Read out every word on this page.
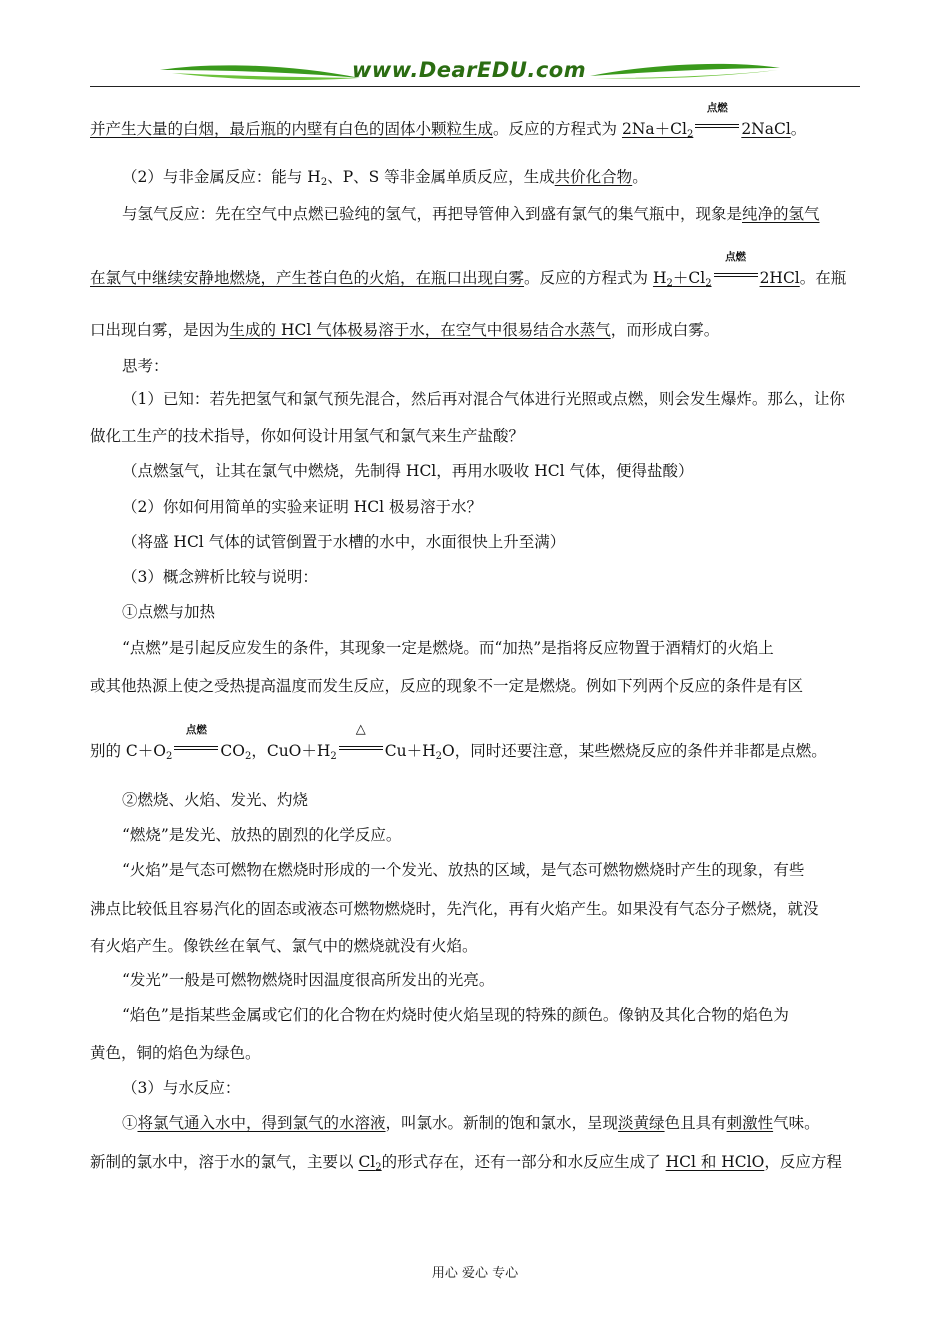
www.DearEDU.com
并产生大量的白烟，最后瓶的内壁有白色的固体小颗粒生成。反应的方程式为 $2Na+Cl_2$
点燃
2NaCl。
（2）与非金属反应：能与 $H_2$、P、S 等非金属单质反应，生成共价化合物。
与氢气反应：先在空气中点燃已验纯的氢气，再把导管伸入到盛有氯气的集气瓶中，现象是纯净的氢气
在氯气中继续安静地燃烧，产生苍白色的火焰，在瓶口出现白雾。反应的方程式为 $H_2+Cl_2$
点燃
2HCl。在瓶
口出现白雾，是因为生成的 HCl 气体极易溶于水，在空气中很易结合水蒸气，而形成白雾。
思考：
（1）已知：若先把氢气和氯气预先混合，然后再对混合气体进行光照或点燃，则会发生爆炸。那么，让你
做化工生产的技术指导，你如何设计用氢气和氯气来生产盐酸？
（点燃氢气，让其在氯气中燃烧，先制得 HCl，再用水吸收 HCl 气体，便得盐酸）
（2）你如何用简单的实验来证明 HCl 极易溶于水？
（将盛 HCl 气体的试管倒置于水槽的水中，水面很快上升至满）
（3）概念辨析比较与说明：
①点燃与加热
“点燃”是引起反应发生的条件，其现象一定是燃烧。而“加热”是指将反应物置于酒精灯的火焰上
或其他热源上使之受热提高温度而发生反应，反应的现象不一定是燃烧。例如下列两个反应的条件是有区
别的 $C+O_2$
点燃
$CO_2$，$CuO+H_2$
△
$Cu+H_2O$，同时还要注意，某些燃烧反应的条件并非都是点燃。
②燃烧、火焰、发光、灼烧
“燃烧”是发光、放热的剧烈的化学反应。
“火焰”是气态可燃物在燃烧时形成的一个发光、放热的区域，是气态可燃物燃烧时产生的现象，有些
沸点比较低且容易汽化的固态或液态可燃物燃烧时，先汽化，再有火焰产生。如果没有气态分子燃烧，就没
有火焰产生。像铁丝在氧气、氯气中的燃烧就没有火焰。
“发光”一般是可燃物燃烧时因温度很高所发出的光亮。
“焰色”是指某些金属或它们的化合物在灼烧时使火焰呈现的特殊的颜色。像钠及其化合物的焰色为
黄色，铜的焰色为绿色。
（3）与水反应：
①将氯气通入水中，得到氯气的水溶液，叫氯水。新制的饱和氯水，呈现淡黄绿色且具有刺激性气味。
新制的氯水中，溶于水的氯气，主要以 $Cl_2$的形式存在，还有一部分和水反应生成了 HCl 和 HClO，反应方程
用心 爱心 专心
